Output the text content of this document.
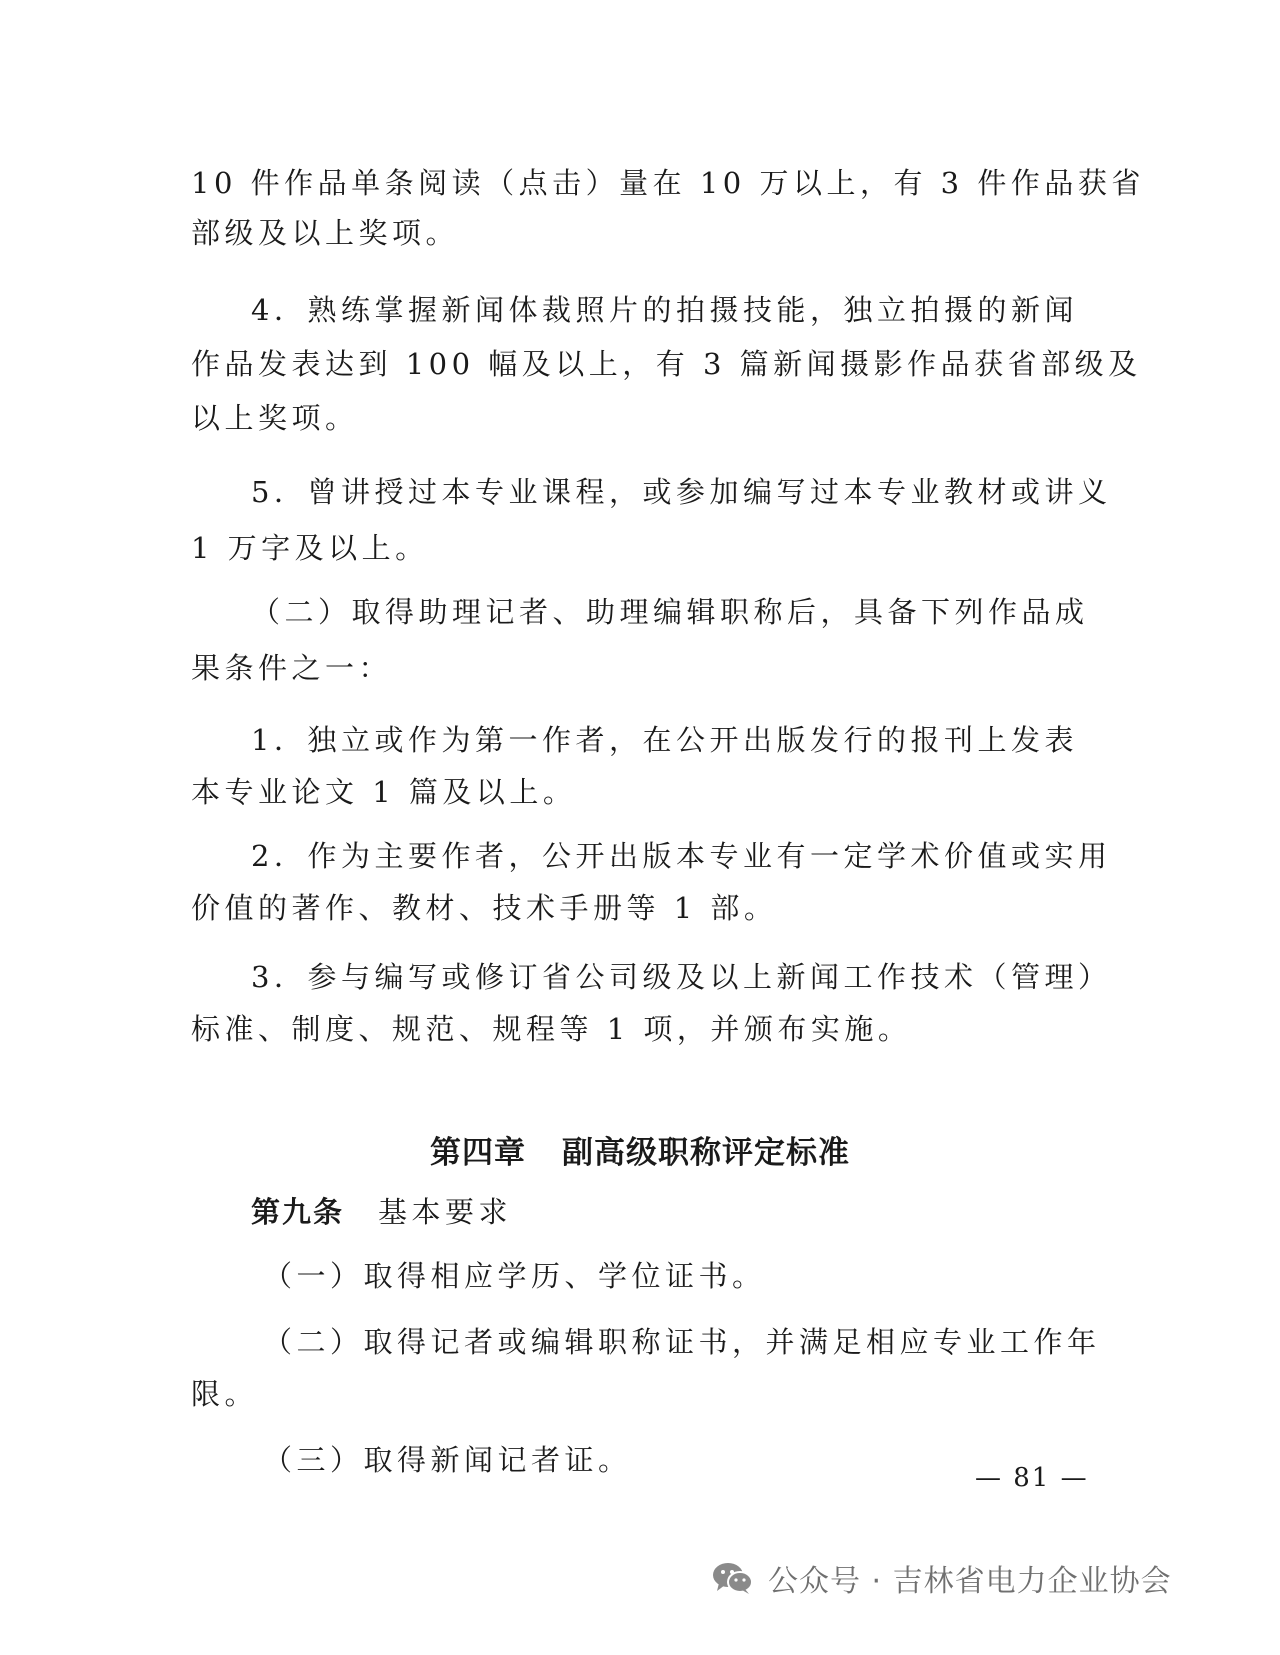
10 件作品单条阅读（点击）量在 10 万以上，有 3 件作品获省
部级及以上奖项。
4．熟练掌握新闻体裁照片的拍摄技能，独立拍摄的新闻
作品发表达到 100 幅及以上，有 3 篇新闻摄影作品获省部级及
以上奖项。
5．曾讲授过本专业课程，或参加编写过本专业教材或讲义
1 万字及以上。
（二）取得助理记者、助理编辑职称后，具备下列作品成
果条件之一：
1．独立或作为第一作者，在公开出版发行的报刊上发表
本专业论文 1 篇及以上。
2．作为主要作者，公开出版本专业有一定学术价值或实用
价值的著作、教材、技术手册等 1 部。
3．参与编写或修订省公司级及以上新闻工作技术（管理）
标准、制度、规范、规程等 1 项，并颁布实施。
第四章 副高级职称评定标准
第九条 基本要求
（一）取得相应学历、学位证书。
（二）取得记者或编辑职称证书，并满足相应专业工作年
限。
（三）取得新闻记者证。
— 81 —
公众号 · 吉林省电力企业协会
